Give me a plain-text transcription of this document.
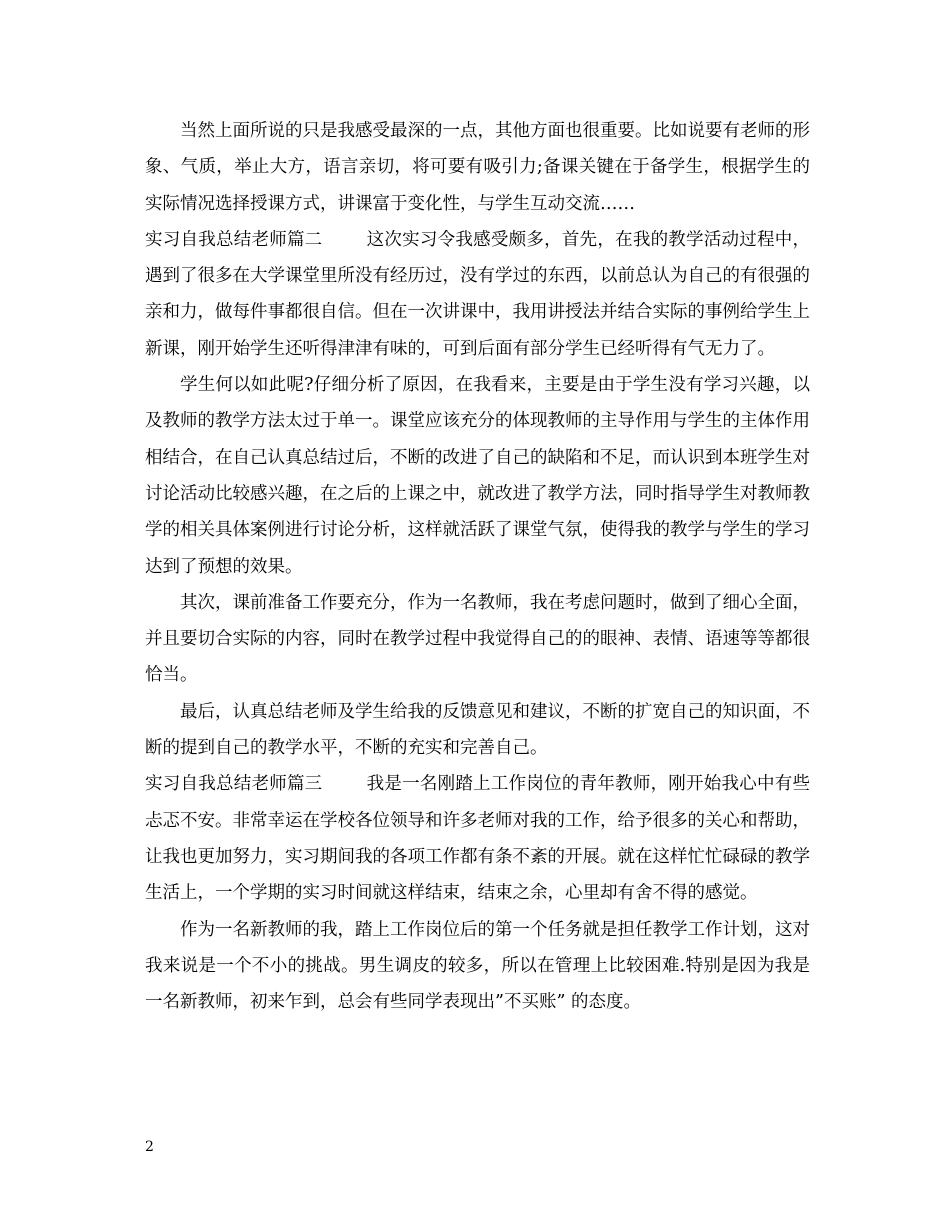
当然上面所说的只是我感受最深的一点，其他方面也很重要。比如说要有老师的形象、气质，举止大方，语言亲切，将可要有吸引力;备课关键在于备学生，根据学生的实际情况选择授课方式，讲课富于变化性，与学生互动交流……

实习自我总结老师篇二	这次实习令我感受颇多，首先，在我的教学活动过程中，遇到了很多在大学课堂里所没有经历过，没有学过的东西，以前总认为自己的有很强的亲和力，做每件事都很自信。但在一次讲课中，我用讲授法并结合实际的事例给学生上新课，刚开始学生还听得津津有味的，可到后面有部分学生已经听得有气无力了。

学生何以如此呢?仔细分析了原因，在我看来，主要是由于学生没有学习兴趣，以及教师的教学方法太过于单一。课堂应该充分的体现教师的主导作用与学生的主体作用相结合，在自己认真总结过后，不断的改进了自己的缺陷和不足，而认识到本班学生对讨论活动比较感兴趣，在之后的上课之中，就改进了教学方法，同时指导学生对教师教学的相关具体案例进行讨论分析，这样就活跃了课堂气氛，使得我的教学与学生的学习达到了预想的效果。

其次，课前准备工作要充分，作为一名教师，我在考虑问题时，做到了细心全面，并且要切合实际的内容，同时在教学过程中我觉得自己的的眼神、表情、语速等等都很恰当。

最后，认真总结老师及学生给我的反馈意见和建议，不断的扩宽自己的知识面，不断的提到自己的教学水平，不断的充实和完善自己。

实习自我总结老师篇三	我是一名刚踏上工作岗位的青年教师，刚开始我心中有些忐忑不安。非常幸运在学校各位领导和许多老师对我的工作，给予很多的关心和帮助，让我也更加努力，实习期间我的各项工作都有条不紊的开展。就在这样忙忙碌碌的教学生活上，一个学期的实习时间就这样结束，结束之余，心里却有舍不得的感觉。

作为一名新教师的我，踏上工作岗位后的第一个任务就是担任教学工作计划，这对我来说是一个不小的挑战。男生调皮的较多，所以在管理上比较困难.特别是因为我是一名新教师，初来乍到，总会有些同学表现出”不买账” 的态度。

2
